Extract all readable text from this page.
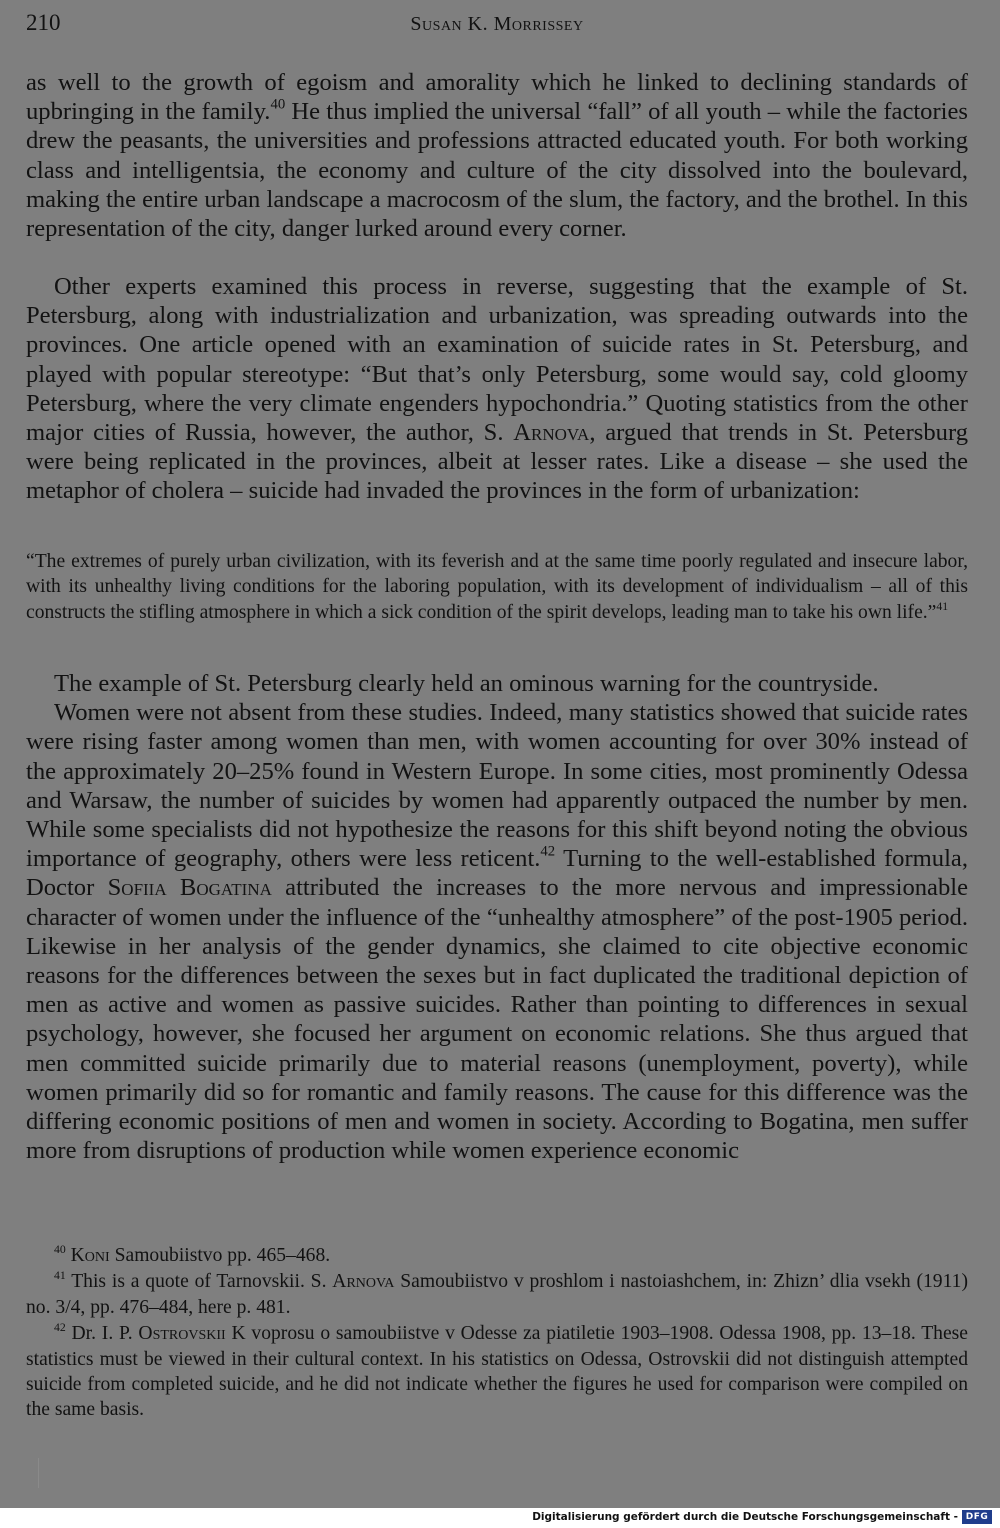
210	Susan K. Morrissey

as well to the growth of egoism and amorality which he linked to declining standards of upbringing in the family.$^{40}$ He thus implied the universal “fall” of all youth – while the factories drew the peasants, the universities and professions attracted educated youth. For both working class and intelligentsia, the economy and culture of the city dissolved into the boulevard, making the entire urban landscape a macrocosm of the slum, the factory, and the brothel. In this representation of the city, danger lurked around every corner.

Other experts examined this process in reverse, suggesting that the example of St. Petersburg, along with industrialization and urbanization, was spreading outwards into the provinces. One article opened with an examination of suicide rates in St. Petersburg, and played with popular stereotype: “But that’s only Petersburg, some would say, cold gloomy Petersburg, where the very climate engenders hypochondria.” Quoting statistics from the other major cities of Russia, however, the author, S. Arnova, argued that trends in St. Petersburg were being replicated in the provinces, albeit at lesser rates. Like a disease – she used the metaphor of cholera – suicide had invaded the provinces in the form of urbanization:

“The extremes of purely urban civilization, with its feverish and at the same time poorly regulated and insecure labor, with its unhealthy living conditions for the laboring population, with its development of individualism – all of this constructs the stifling atmosphere in which a sick condition of the spirit develops, leading man to take his own life.”$^{41}$

The example of St. Petersburg clearly held an ominous warning for the countryside.

Women were not absent from these studies. Indeed, many statistics showed that suicide rates were rising faster among women than men, with women accounting for over 30% instead of the approximately 20–25% found in Western Europe. In some cities, most prominently Odessa and Warsaw, the number of suicides by women had apparently outpaced the number by men. While some specialists did not hypothesize the reasons for this shift beyond noting the obvious importance of geography, others were less reticent.$^{42}$ Turning to the well-established formula, Doctor Sofiia Bogatina attributed the increases to the more nervous and impressionable character of women under the influence of the “unhealthy atmosphere” of the post-1905 period. Likewise in her analysis of the gender dynamics, she claimed to cite objective economic reasons for the differences between the sexes but in fact duplicated the traditional depiction of men as active and women as passive suicides. Rather than pointing to differences in sexual psychology, however, she focused her argument on economic relations. She thus argued that men committed suicide primarily due to material reasons (unemployment, poverty), while women primarily did so for romantic and family reasons. The cause for this difference was the differing economic positions of men and women in society. According to Bogatina, men suffer more from disruptions of production while women experience economic

$^{40}$ Koni Samoubiistvo pp. 465–468.

$^{41}$ This is a quote of Tarnovskii. S. Arnova Samoubiistvo v proshlom i nastoiashchem, in: Zhizn’ dlia vsekh (1911) no. 3/4, pp. 476–484, here p. 481.

$^{42}$ Dr. I. P. Ostrovskii K voprosu o samoubiistve v Odesse za piatiletie 1903–1908. Odessa 1908, pp. 13–18. These statistics must be viewed in their cultural context. In his statistics on Odessa, Ostrovskii did not distinguish attempted suicide from completed suicide, and he did not indicate whether the figures he used for comparison were compiled on the same basis.

Digitalisierung gefördert durch die Deutsche Forschungsgemeinschaft - DFG
